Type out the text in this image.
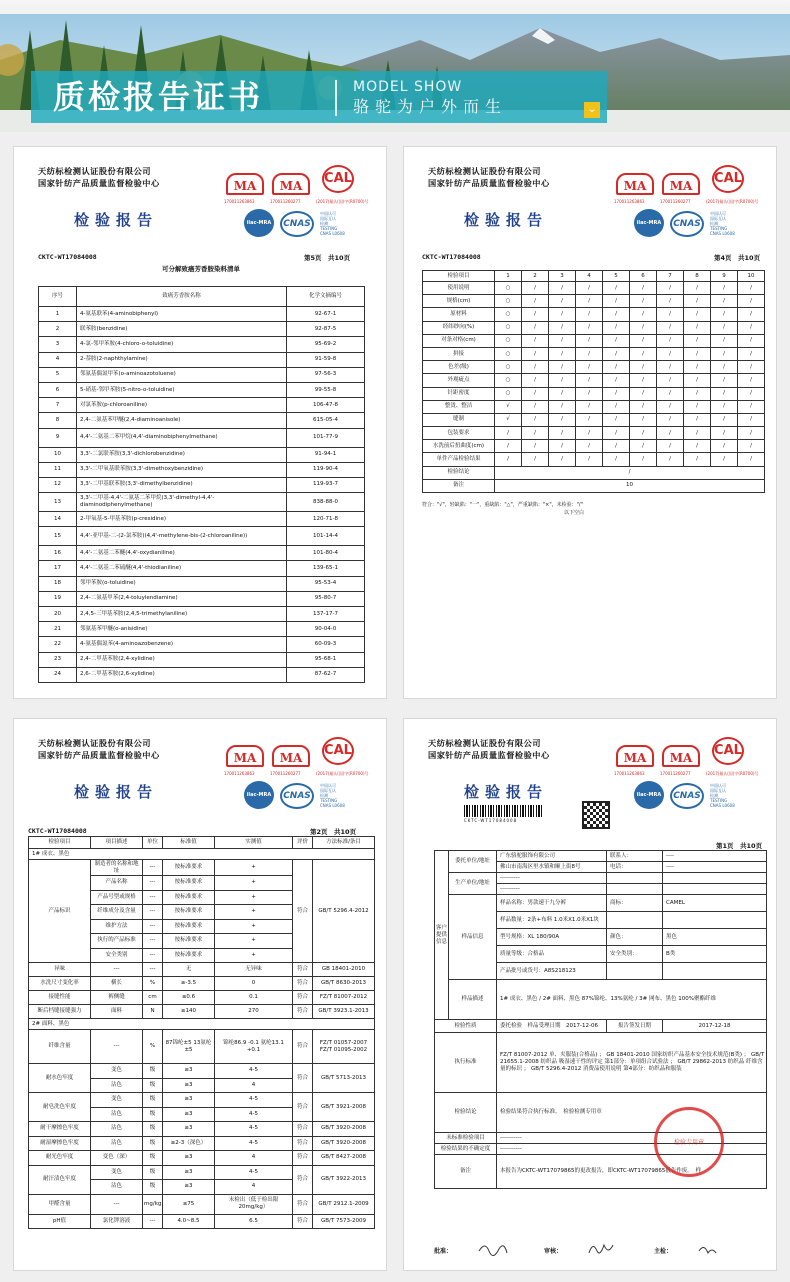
质检报告证书	MODEL SHOW
骆驼为户外而生	⌄
天纺标检测认证股份有限公司
国家针纺产品质量监督检验中心
检验报告
MA
170011263863
MA
170011260277
CAL
(2017)量认(国)字(R0700)号
ilac-MRA	CNAS
中国认可
国际互认
检测
TESTING
CNAS L0608
CKTC-WT17084008	第5页　共10页
可分解致癌芳香胺染料清单
序号	致癌芳香胺名称	化学文摘编号
1	4-氨基联苯(4-aminobiphenyl)	92-67-1
2	联苯胺(benzidine)	92-87-5
3	4-氯-邻甲苯胺(4-chloro-o-toluidine)	95-69-2
4	2-萘胺(2-naphthylamine)	91-59-8
5	邻氨基偶氮甲苯(o-aminoazotoluene)	97-56-3
6	5-硝基-邻甲苯胺(5-nitro-o-toluidine)	99-55-8
7	对氯苯胺(p-chloroaniline)	106-47-8
8	2,4-二氨基苯甲醚(2,4-diaminoanisole)	615-05-4
9	4,4'-二氨基二苯甲烷(4,4'-diaminobiphenylmethane)	101-77-9
10	3,3'-二氯联苯胺(3,3'-dichlorobenzidine)	91-94-1
11	3,3'-二甲氧基联苯胺(3,3'-dimethoxybenzidine)	119-90-4
12	3,3'-二甲基联苯胺(3,3'-dimethylbenzidine)	119-93-7
13	3,3'-二甲基-4,4'-二氨基二苯甲烷(3,3'-dimethyl-4,4'-diaminodiphenylmethane)	838-88-0
14	2-甲氧基-5-甲基苯胺(p-cresidine)	120-71-8
15	4,4'-亚甲基-二-(2-氯苯胺)(4,4'-methylene-bis-(2-chloroaniline))	101-14-4
16	4,4'-二氨基二苯醚(4,4'-oxydianiline)	101-80-4
17	4,4'-二氨基二苯硫醚(4,4'-thiodianiline)	139-65-1
18	邻甲苯胺(o-toluidine)	95-53-4
19	2,4-二氨基甲苯(2,4-toluylendiamine)	95-80-7
20	2,4,5-三甲基苯胺(2,4,5-trimethylaniline)	137-17-7
21	邻氨基苯甲醚(o-anisidine)	90-04-0
22	4-氨基偶氮苯(4-aminoazobenzene)	60-09-3
23	2,4-二甲基苯胺(2,4-xylidine)	95-68-1
24	2,6-二甲基苯胺(2,6-xylidine)	87-62-7
天纺标检测认证股份有限公司
国家针纺产品质量监督检验中心
检验报告
MA
170011263863
MA
170011260277
CAL
(2017)量认(国)字(R0700)号
ilac-MRA	CNAS
中国认可
国际互认
检测
TESTING
CNAS L0608
CKTC-WT17084008	第4页　共10页
检验项目	1	2	3	4	5	6	7	8	9	10
使用说明	○	/	/	/	/	/	/	/	/	/
规格(cm)	○	/	/	/	/	/	/	/	/	/
原材料	○	/	/	/	/	/	/	/	/	/
经纬纱向(%)	○	/	/	/	/	/	/	/	/	/
对条对格(cm)	○	/	/	/	/	/	/	/	/	/
拼接	○	/	/	/	/	/	/	/	/	/
色差(级)	○	/	/	/	/	/	/	/	/	/
外观疵点	○	/	/	/	/	/	/	/	/	/
针距密度	○	/	/	/	/	/	/	/	/	/
整烫、整洁	√	/	/	/	/	/	/	/	/	/
缝制	√	/	/	/	/	/	/	/	/	/
包装要求	/	/	/	/	/	/	/	/	/	/
水洗前后扭曲度(cm)	/	/	/	/	/	/	/	/	/	/
单件产品检验结果	/	/	/	/	/	/	/	/	/	/
检验结论	/									
备注	10									
符合："√"，轻缺陷："一"，重缺陷："△"，严重缺陷："×"，未检验："/"
以下空白
天纺标检测认证股份有限公司
国家针纺产品质量监督检验中心
检验报告
MA
170011263863
MA
170011260277
CAL
(2017)量认(国)字(R0700)号
ilac-MRA	CNAS
中国认可
国际互认
检测
TESTING
CNAS L0608
CKTC-WT17084008	第2页　共10页
检验项目	项目描述	单位	标准值	实测值	评价	方法标准/条目
1# 成衣、黑色						
产品标识	制造者的名称和地址	---	按标准要求	+	符合	GB/T 5296.4-2012
	产品名称	---	按标准要求	+		
	产品号型或规格	---	按标准要求	+		
	纤维成分及含量	---	按标准要求	+		
	维护方法	---	按标准要求	+		
	执行的产品标准	---	按标准要求	+		
	安全类别	---	按标准要求	+		
异味	---	---	无	无异味	符合	GB 18401-2010
水洗尺寸变化率	横长	%	≥-3.5	0	符合	GB/T 8630-2013
接缝性能	裤侧缝	cm	≤0.6	0.1	符合	FZ/T 81007-2012
断后档缝接缝强力	面料	N	≥140	270	符合	GB/T 3923.1-2013
2# 面料、黑色						
纤维含量	---	%	87锦纶±5 13氨纶±5	锦纶86.9 -0.1 氨纶13.1 +0.1	符合	FZ/T 01057-2007 FZ/T 01095-2002
耐水色牢度	变色	级	≥3	4-5	符合	GB/T 5713-2013
	沾色	级	≥3	4		
耐皂洗色牢度	变色	级	≥3	4-5	符合	GB/T 3921-2008
	沾色	级	≥3	4-5		
耐干摩擦色牢度	沾色	级	≥3	4-5	符合	GB/T 3920-2008
耐湿摩擦色牢度	沾色	级	≥2-3（深色）	4-5	符合	GB/T 3920-2008
耐光色牢度	变色（深）	级	≥3	4	符合	GB/T 8427-2008
耐汗渍色牢度	变色	级	≥3	4-5	符合	GB/T 3922-2013
	沾色	级	≥3	4		
甲醛含量	---	mg/kg	≤75	未检出（低于检出限20mg/kg）	符合	GB/T 2912.1-2009
pH值	氯化钾溶液	---	4.0~8.5	6.5	符合	GB/T 7573-2009
天纺标检测认证股份有限公司
国家针纺产品质量监督检验中心
检验报告
CKTC-WT17084008
MA
170011263863
MA
170011260277
CAL
(2017)量认(国)字(R0700)号
ilac-MRA	CNAS
中国认可
国际互认
检测
TESTING
CNAS L0608
第1页　共10页
客户提供信息	委托单位/地址	广东骆驼服饰有限公司	联系人：	----
		佛山市南海区里水镇和顺上街8号	电话：	----
	生产单位/地址	----------		
		----------		
	样品信息	样品名称：男款速干九分裤	商标：	CAMEL
		样品数量：2条+布料 1.0米X1.0米X1块		
		型号规格：XL 180/90A	颜色：	黑色
		质量等级：合格品	安全类别：	B类
		产品批号或货号：A8S218123		
	样品描述	1# 成衣、黑色 / 2# 面料、黑色 87%锦纶、13%氨纶 / 3# 网布、黑色 100%聚酯纤维		
检验性质		委托检验　样品受理日期　2017-12-06	报告签发日期	2017-12-18
执行标准		FZ/T 81007-2012 单、夹服装(合格品) ； GB 18401-2010 国家纺织产品基本安全技术规范(B类) ； GB/T 21655.1-2008 纺织品 吸湿速干性的评定 第1部分：单项组合试验法 ； GB/T 29862-2013 纺织品 纤维含量的标识 ； GB/T 5296.4-2012 消费品使用说明 第4部分：纺织品和服装		
检验结论		检验结果符合执行标准。　检验检测专用章		
未标准检验项目		-----------		
检验结果的不确定度		-----------		
备注		本报告为CKTC-WT17079865的更改报告，即CKTC-WT17079865报告作废。　样		
检验专用章
批准：	审核：	主检：
